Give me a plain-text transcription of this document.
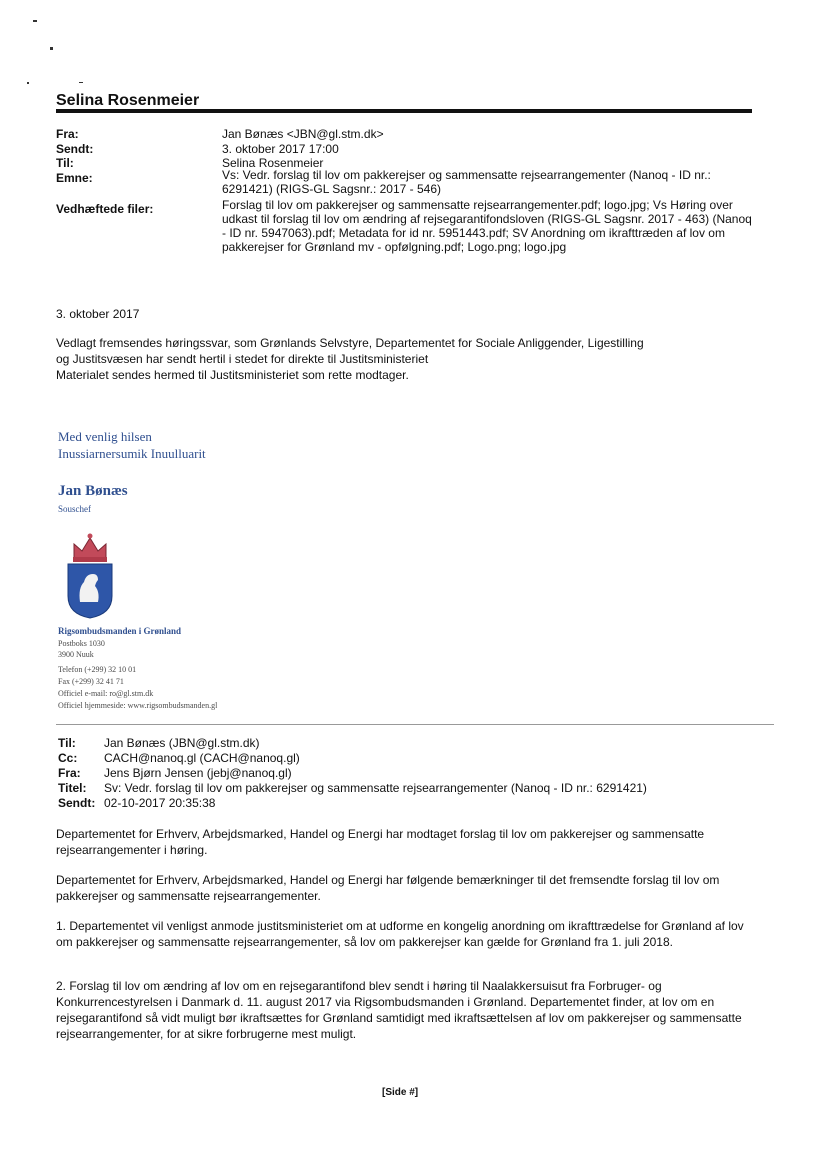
Selina Rosenmeier
Fra:	Jan Bønæs <JBN@gl.stm.dk>
Sendt:	3. oktober 2017 17:00
Til:	Selina Rosenmeier
Emne:	Vs: Vedr. forslag til lov om pakkerejser og sammensatte rejsearrangementer (Nanoq - ID nr.: 6291421) (RIGS-GL Sagsnr.: 2017 - 546)
Vedhæftede filer:	Forslag til lov om pakkerejser og sammensatte rejsearrangementer.pdf; logo.jpg; Vs Høring over udkast til forslag til lov om ændring af rejsegarantifondsloven (RIGS-GL Sagsnr. 2017 - 463) (Nanoq - ID nr. 5947063).pdf; Metadata for id nr. 5951443.pdf; SV Anordning om ikrafttræden af lov om pakkerejser for Grønland mv - opfølgning.pdf; Logo.png; logo.jpg
3. oktober 2017
Vedlagt fremsendes høringssvar, som Grønlands Selvstyre, Departementet for Sociale Anliggender, Ligestilling
og Justitsvæsen har sendt hertil i stedet for direkte til Justitsministeriet
Materialet sendes hermed til Justitsministeriet som rette modtager.
Med venlig hilsen
Inussiarnersumik Inuulluarit
Jan Bønæs
Souschef
Rigsombudsmanden i Grønland
Postboks 1030
3900 Nuuk
Telefon (+299) 32 10 01
Fax (+299) 32 41 71
Officiel e-mail: ro@gl.stm.dk
Officiel hjemmeside: www.rigsombudsmanden.gl
Til: Jan Bønæs (JBN@gl.stm.dk)
Cc: CACH@nanoq.gl (CACH@nanoq.gl)
Fra: Jens Bjørn Jensen (jebj@nanoq.gl)
Titel: Sv: Vedr. forslag til lov om pakkerejser og sammensatte rejsearrangementer (Nanoq - ID nr.: 6291421)
Sendt: 02-10-2017 20:35:38
Departementet for Erhverv, Arbejdsmarked, Handel og Energi har modtaget forslag til lov om pakkerejser og sammensatte rejsearrangementer i høring.
Departementet for Erhverv, Arbejdsmarked, Handel og Energi har følgende bemærkninger til det fremsendte forslag til lov om pakkerejser og sammensatte rejsearrangementer.
1. Departementet vil venligst anmode justitsministeriet om at udforme en kongelig anordning om ikrafttrædelse for Grønland af lov om pakkerejser og sammensatte rejsearrangementer, så lov om pakkerejser kan gælde for Grønland fra 1. juli 2018.
2. Forslag til lov om ændring af lov om en rejsegarantifond blev sendt i høring til Naalakkersuisut fra Forbruger- og Konkurrencestyrelsen i Danmark d. 11. august 2017 via Rigsombudsmanden i Grønland. Departementet finder, at lov om en rejsegarantifond så vidt muligt bør ikraftsættes for Grønland samtidigt med ikraftsættelsen af lov om pakkerejser og sammensatte rejsearrangementer, for at sikre forbrugerne mest muligt.
[Side #]
